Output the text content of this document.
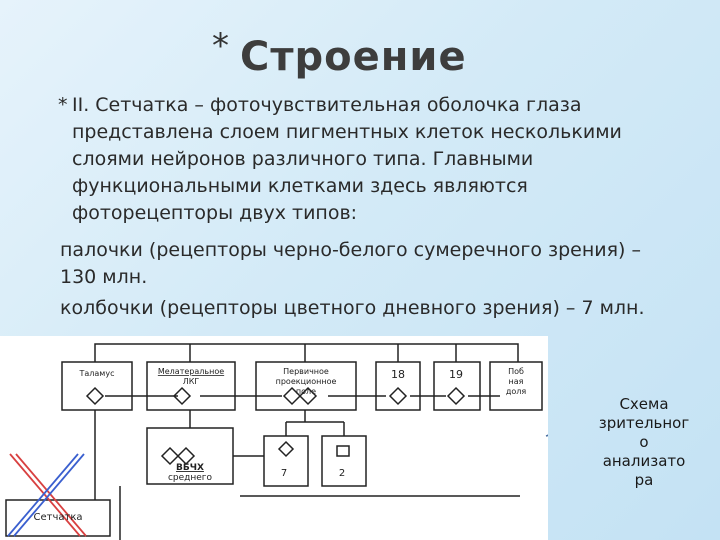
* Строение
* II. Сетчатка – фоточувствительная оболочка глаза
представлена слоем пигментных клеток несколькими
слоями нейронов различного типа. Главными
функциональными клетками здесь являются
фоторецепторы двух типов:
палочки (рецепторы черно-белого сумеречного зрения) –
130 млн.
колбочки (рецепторы цветного дневного зрения) – 7 млн.
Таламус	Мелатеральное
ЛКГ
Первичное
проекционное
поле
18	19	Поб
ная
доля
ВБЧХ
среднего	7	2
Сетчатка
Схема
зрительног
о
анализато
ра
